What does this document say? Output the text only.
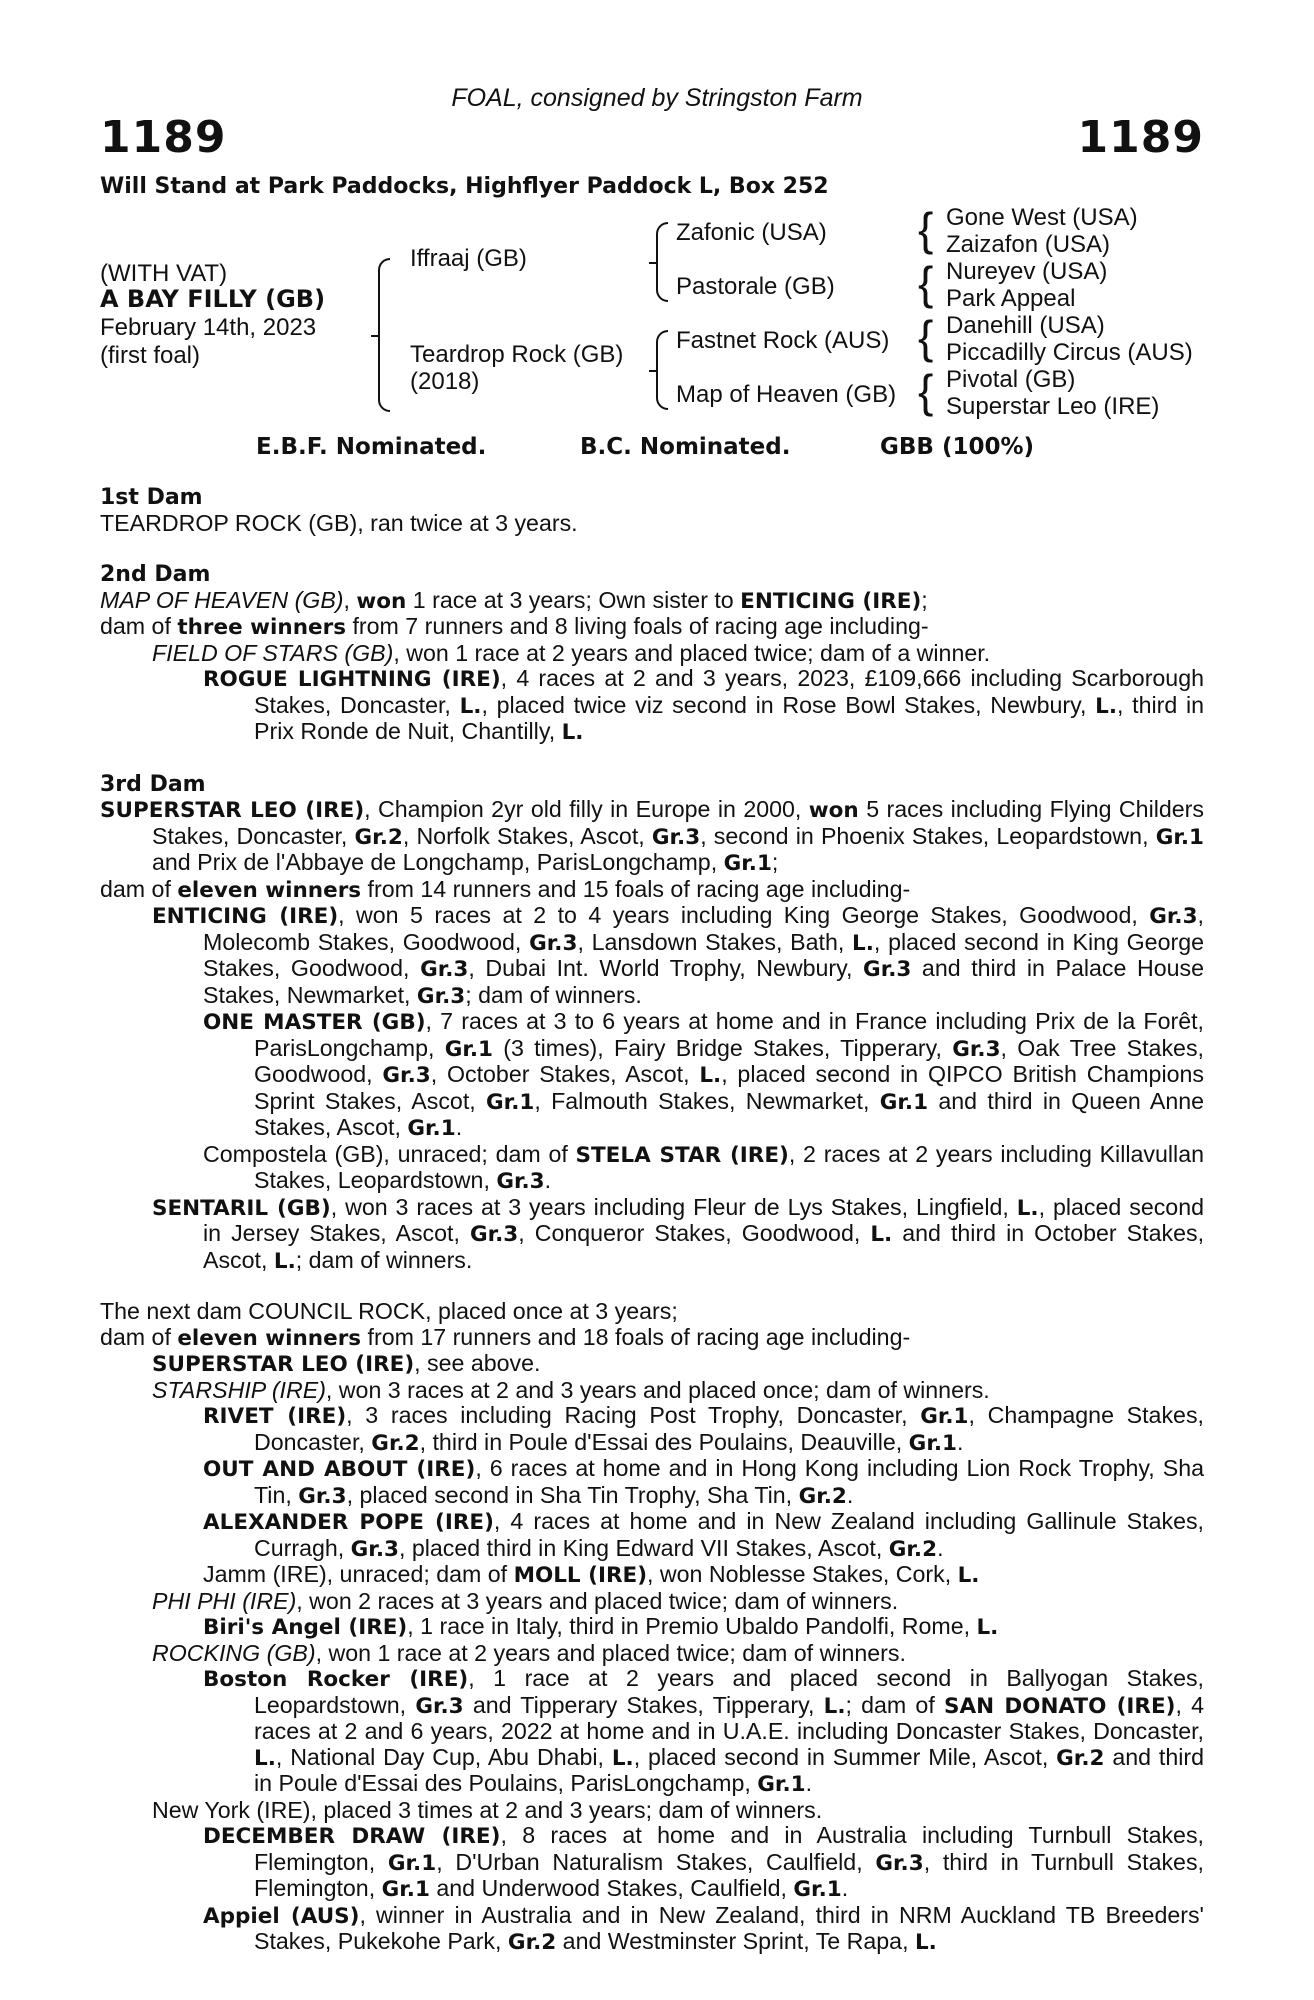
FOAL, consigned by Stringston Farm
1189	1189
Will Stand at Park Paddocks, Highflyer Paddock L, Box 252
(WITH VAT)
A BAY FILLY (GB)
February 14th, 2023
(first foal)
Iffraaj (GB)
Teardrop Rock (GB)
(2018)
Zafonic (USA)
Pastorale (GB)
Fastnet Rock (AUS)
Map of Heaven (GB)
{
{
{
{
Gone West (USA)
Zaizafon (USA)
Nureyev (USA)
Park Appeal
Danehill (USA)
Piccadilly Circus (AUS)
Pivotal (GB)
Superstar Leo (IRE)
E.B.F. Nominated.	B.C. Nominated.	GBB (100%)

1st Dam

TEARDROP ROCK (GB), ran twice at 3 years.

2nd Dam

MAP OF HEAVEN (GB), won 1 race at 3 years; Own sister to ENTICING (IRE);

dam of three winners from 7 runners and 8 living foals of racing age including-

FIELD OF STARS (GB), won 1 race at 2 years and placed twice; dam of a winner.

ROGUE LIGHTNING (IRE), 4 races at 2 and 3 years, 2023, £109,666 including Scarborough Stakes, Doncaster, L., placed twice viz second in Rose Bowl Stakes, Newbury, L., third in Prix Ronde de Nuit, Chantilly, L.

3rd Dam

SUPERSTAR LEO (IRE), Champion 2yr old filly in Europe in 2000, won 5 races including Flying Childers Stakes, Doncaster, Gr.2, Norfolk Stakes, Ascot, Gr.3, second in Phoenix Stakes, Leopardstown, Gr.1 and Prix de l'Abbaye de Longchamp, ParisLongchamp, Gr.1;

dam of eleven winners from 14 runners and 15 foals of racing age including-

ENTICING (IRE), won 5 races at 2 to 4 years including King George Stakes, Goodwood, Gr.3, Molecomb Stakes, Goodwood, Gr.3, Lansdown Stakes, Bath, L., placed second in King George Stakes, Goodwood, Gr.3, Dubai Int. World Trophy, Newbury, Gr.3 and third in Palace House Stakes, Newmarket, Gr.3; dam of winners.

ONE MASTER (GB), 7 races at 3 to 6 years at home and in France including Prix de la Forêt, ParisLongchamp, Gr.1 (3 times), Fairy Bridge Stakes, Tipperary, Gr.3, Oak Tree Stakes, Goodwood, Gr.3, October Stakes, Ascot, L., placed second in QIPCO British Champions Sprint Stakes, Ascot, Gr.1, Falmouth Stakes, Newmarket, Gr.1 and third in Queen Anne Stakes, Ascot, Gr.1.

Compostela (GB), unraced; dam of STELA STAR (IRE), 2 races at 2 years including Killavullan Stakes, Leopardstown, Gr.3.

SENTARIL (GB), won 3 races at 3 years including Fleur de Lys Stakes, Lingfield, L., placed second in Jersey Stakes, Ascot, Gr.3, Conqueror Stakes, Goodwood, L. and third in October Stakes, Ascot, L.; dam of winners.

The next dam COUNCIL ROCK, placed once at 3 years;

dam of eleven winners from 17 runners and 18 foals of racing age including-

SUPERSTAR LEO (IRE), see above.

STARSHIP (IRE), won 3 races at 2 and 3 years and placed once; dam of winners.

RIVET (IRE), 3 races including Racing Post Trophy, Doncaster, Gr.1, Champagne Stakes, Doncaster, Gr.2, third in Poule d'Essai des Poulains, Deauville, Gr.1.

OUT AND ABOUT (IRE), 6 races at home and in Hong Kong including Lion Rock Trophy, Sha Tin, Gr.3, placed second in Sha Tin Trophy, Sha Tin, Gr.2.

ALEXANDER POPE (IRE), 4 races at home and in New Zealand including Gallinule Stakes, Curragh, Gr.3, placed third in King Edward VII Stakes, Ascot, Gr.2.

Jamm (IRE), unraced; dam of MOLL (IRE), won Noblesse Stakes, Cork, L.

PHI PHI (IRE), won 2 races at 3 years and placed twice; dam of winners.

Biri's Angel (IRE), 1 race in Italy, third in Premio Ubaldo Pandolfi, Rome, L.

ROCKING (GB), won 1 race at 2 years and placed twice; dam of winners.

Boston Rocker (IRE), 1 race at 2 years and placed second in Ballyogan Stakes, Leopardstown, Gr.3 and Tipperary Stakes, Tipperary, L.; dam of SAN DONATO (IRE), 4 races at 2 and 6 years, 2022 at home and in U.A.E. including Doncaster Stakes, Doncaster, L., National Day Cup, Abu Dhabi, L., placed second in Summer Mile, Ascot, Gr.2 and third in Poule d'Essai des Poulains, ParisLongchamp, Gr.1.

New York (IRE), placed 3 times at 2 and 3 years; dam of winners.

DECEMBER DRAW (IRE), 8 races at home and in Australia including Turnbull Stakes, Flemington, Gr.1, D'Urban Naturalism Stakes, Caulfield, Gr.3, third in Turnbull Stakes, Flemington, Gr.1 and Underwood Stakes, Caulfield, Gr.1.

Appiel (AUS), winner in Australia and in New Zealand, third in NRM Auckland TB Breeders' Stakes, Pukekohe Park, Gr.2 and Westminster Sprint, Te Rapa, L.
